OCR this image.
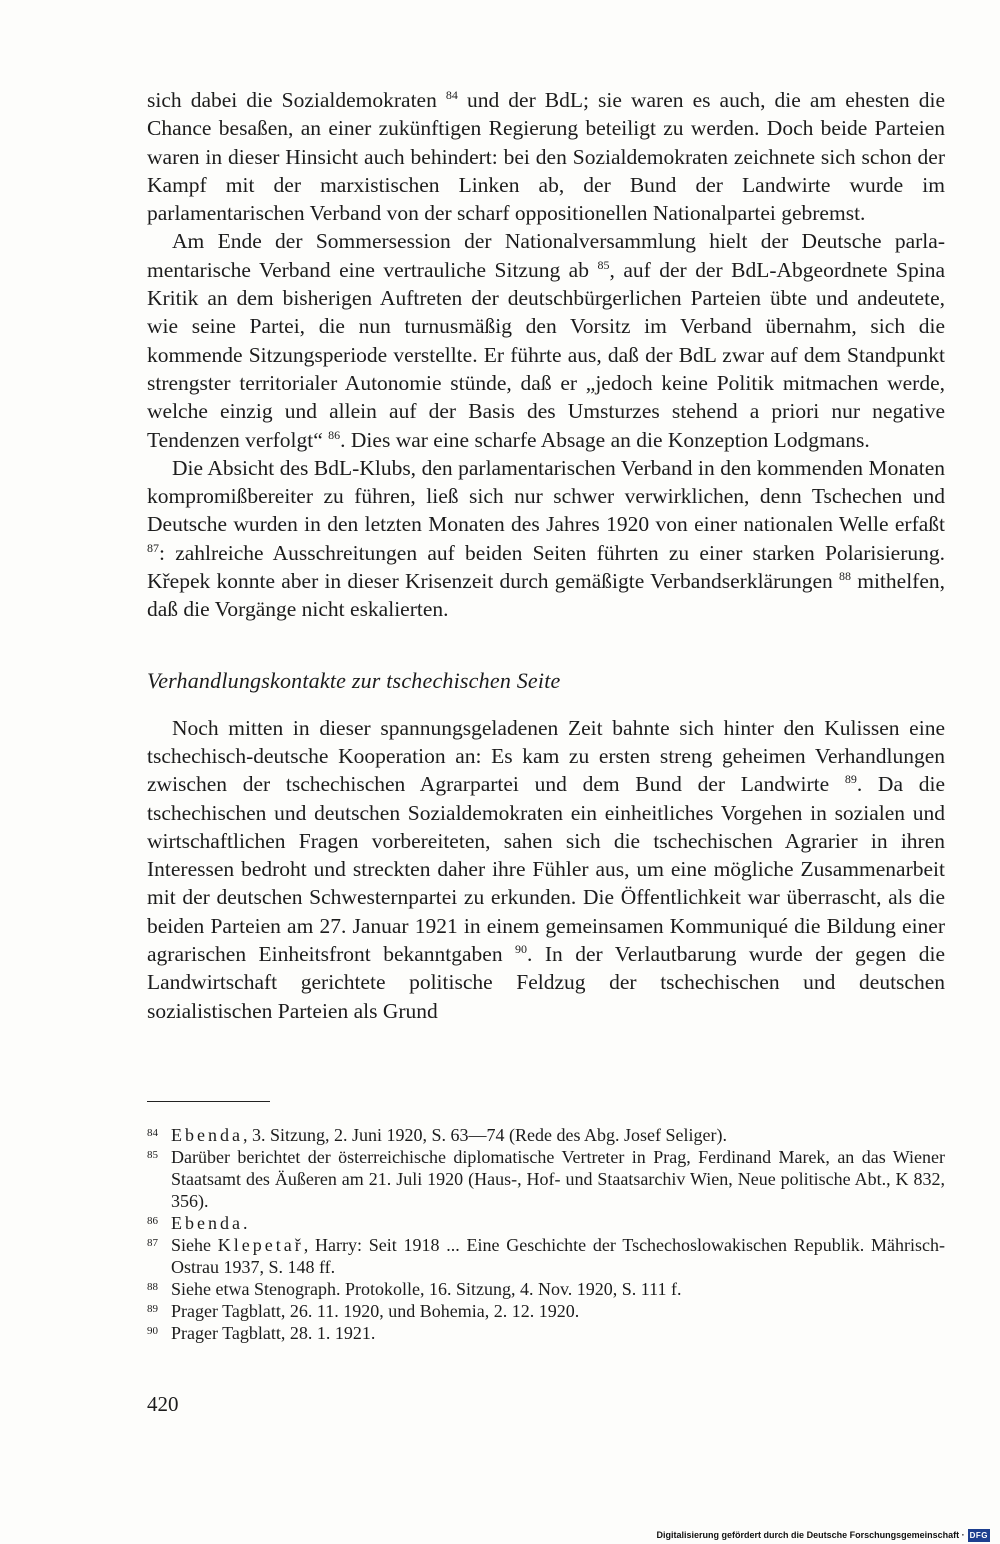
sich dabei die Sozialdemokraten $^{84}$ und der BdL; sie waren es auch, die am ehesten die Chance besaßen, an einer zukünftigen Regierung beteiligt zu werden. Doch beide Parteien waren in dieser Hinsicht auch behindert: bei den Sozialdemokraten zeichnete sich schon der Kampf mit der marxistischen Linken ab, der Bund der Landwirte wurde im parlamentarischen Verband von der scharf oppositionellen Nationalpartei gebremst.

Am Ende der Sommersession der Nationalversammlung hielt der Deutsche parlamentarische Verband eine vertrauliche Sitzung ab $^{85}$, auf der der BdL-Abgeordnete Spina Kritik an dem bisherigen Auftreten der deutschbürgerlichen Parteien übte und andeutete, wie seine Partei, die nun turnusmäßig den Vorsitz im Verband übernahm, sich die kommende Sitzungsperiode verstellte. Er führte aus, daß der BdL zwar auf dem Standpunkt strengster territorialer Autonomie stünde, daß er „jedoch keine Politik mitmachen werde, welche einzig und allein auf der Basis des Umsturzes stehend a priori nur negative Tendenzen verfolgt“ $^{86}$. Dies war eine scharfe Absage an die Konzeption Lodgmans.

Die Absicht des BdL-Klubs, den parlamentarischen Verband in den kommenden Monaten kompromißbereiter zu führen, ließ sich nur schwer verwirklichen, denn Tschechen und Deutsche wurden in den letzten Monaten des Jahres 1920 von einer nationalen Welle erfaßt $^{87}$: zahlreiche Ausschreitungen auf beiden Seiten führten zu einer starken Polarisierung. Křepek konnte aber in dieser Krisenzeit durch gemäßigte Verbandserklärungen $^{88}$ mithelfen, daß die Vorgänge nicht eskalierten.

Verhandlungskontakte zur tschechischen Seite

Noch mitten in dieser spannungsgeladenen Zeit bahnte sich hinter den Kulissen eine tschechisch-deutsche Kooperation an: Es kam zu ersten streng geheimen Verhandlungen zwischen der tschechischen Agrarpartei und dem Bund der Landwirte $^{89}$. Da die tschechischen und deutschen Sozialdemokraten ein einheitliches Vorgehen in sozialen und wirtschaftlichen Fragen vorbereiteten, sahen sich die tschechischen Agrarier in ihren Interessen bedroht und streckten daher ihre Fühler aus, um eine mögliche Zusammenarbeit mit der deutschen Schwesternpartei zu erkunden. Die Öffentlichkeit war überrascht, als die beiden Parteien am 27. Januar 1921 in einem gemeinsamen Kommuniqué die Bildung einer agrarischen Einheitsfront bekanntgaben $^{90}$. In der Verlautbarung wurde der gegen die Landwirtschaft gerichtete politische Feldzug der tschechischen und deutschen sozialistischen Parteien als Grund

84 Ebenda, 3. Sitzung, 2. Juni 1920, S. 63—74 (Rede des Abg. Josef Seliger).
85 Darüber berichtet der österreichische diplomatische Vertreter in Prag, Ferdinand Marek, an das Wiener Staatsamt des Äußeren am 21. Juli 1920 (Haus-, Hof- und Staatsarchiv Wien, Neue politische Abt., K 832, 356).
86 Ebenda.
87 Siehe Klepetař, Harry: Seit 1918 ... Eine Geschichte der Tschechoslowakischen Republik. Mährisch-Ostrau 1937, S. 148 ff.
88 Siehe etwa Stenograph. Protokolle, 16. Sitzung, 4. Nov. 1920, S. 111 f.
89 Prager Tagblatt, 26. 11. 1920, und Bohemia, 2. 12. 1920.
90 Prager Tagblatt, 28. 1. 1921.
420
Digitalisierung gefördert durch die Deutsche Forschungsgemeinschaft · DFG
